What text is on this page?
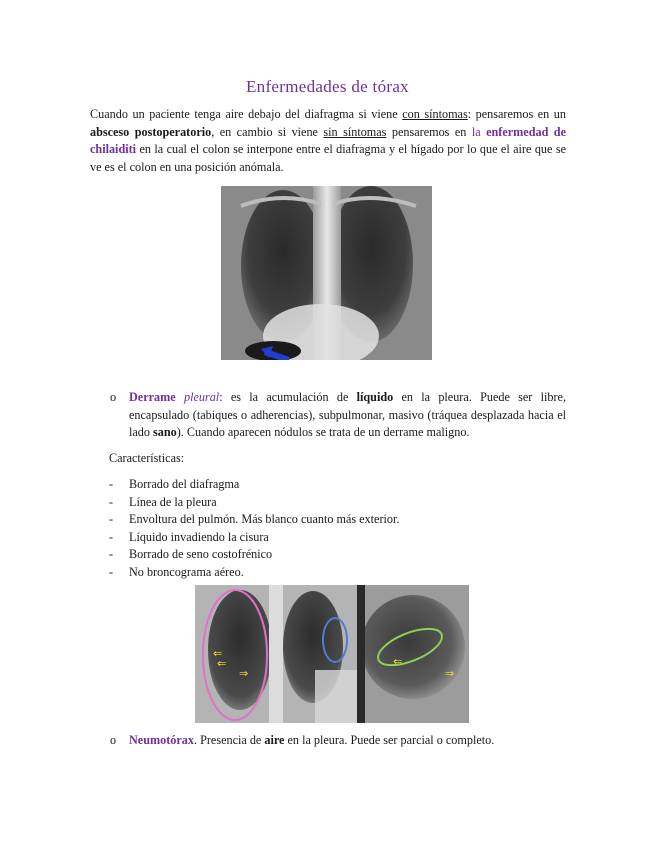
Enfermedades de tórax

Cuando un paciente tenga aire debajo del diafragma si viene con síntomas: pensaremos en un absceso postoperatorio, en cambio si viene sin síntomas pensaremos en la enfermedad de chilaiditi en la cual el colon se interpone entre el diafragma y el hígado por lo que el aire que se ve es el colon en una posición anómala.

o Derrame pleural: es la acumulación de líquido en la pleura. Puede ser libre, encapsulado (tabiques o adherencias), subpulmonar, masivo (tráquea desplazada hacia el lado sano). Cuando aparecen nódulos se trata de un derrame maligno.

Características:
- Borrado del diafragma
- Línea de la pleura
- Envoltura del pulmón. Más blanco cuanto más exterior.
- Líquido invadiendo la cisura
- Borrado de seno costofrénico
- No broncograma aéreo.
⇐
⇐
⇒
⇐
⇒

o Neumotórax. Presencia de aire en la pleura. Puede ser parcial o completo.
